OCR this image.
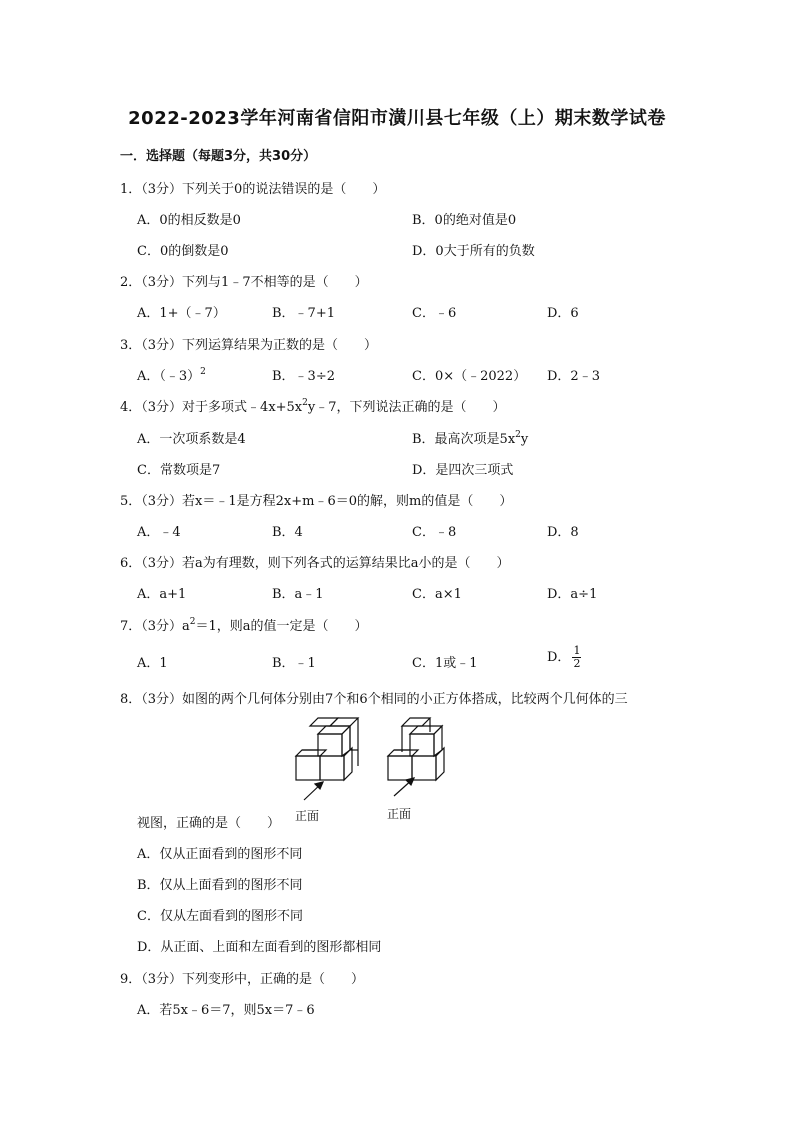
2022-2023学年河南省信阳市潢川县七年级（上）期末数学试卷
一．选择题（每题3分，共30分）
1．（3分）下列关于0的说法错误的是（　　）
A．0的相反数是0	B．0的绝对值是0
C．0的倒数是0	D．0大于所有的负数
2．（3分）下列与1﹣7不相等的是（　　）
A．1+（﹣7）	B．﹣7+1	C．﹣6	D．6
3．（3分）下列运算结果为正数的是（　　）
A．（﹣3）$^2$	B．﹣3÷2	C．0×（﹣2022） D．2﹣3
4．（3分）对于多项式$﹣4x+5x^2y﹣7$，下列说法正确的是（　　）
A．一次项系数是4	B．最高次项是$5x^2y$
C．常数项是7	D．是四次三项式
5．（3分）若x＝﹣1是方程2x+m﹣6＝0的解，则m的值是（　　）
A．﹣4	B．4	C．﹣8	D．8
6．（3分）若a为有理数，则下列各式的运算结果比a小的是（　　）
A．a+1	B．a﹣1	C．a×1	D．a÷1
7．（3分）$a^2=1$，则a的值一定是（　　）
A．1	B．﹣1	C．1或﹣1	D． $\frac{1}{2}$
8．（3分）如图的两个几何体分别由7个和6个相同的小正方体搭成，比较两个几何体的三
正面	正面
视图，正确的是（　　）
A．仅从正面看到的图形不同
B．仅从上面看到的图形不同
C．仅从左面看到的图形不同
D．从正面、上面和左面看到的图形都相同
9．（3分）下列变形中，正确的是（　　）
A．若5x﹣6＝7，则5x＝7﹣6
